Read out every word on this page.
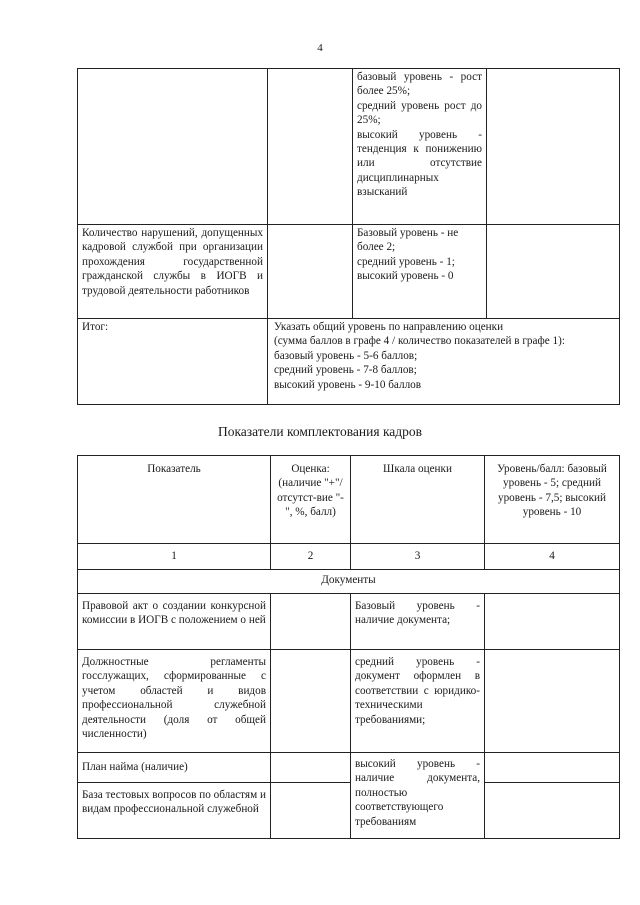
4

		базовый уровень - рост более 25%;
средний уровень рост до 25%;
высокий уровень - тенденция к понижению или отсутствие дисциплинарных взысканий	

Количество нарушений, допущенных кадровой службой при организации прохождения государственной гражданской службы в ИОГВ и трудовой деятельности работников		Базовый уровень - не более 2;
средний уровень - 1;
высокий уровень - 0	

Итог:	Указать общий уровень по направлению оценки
(сумма баллов в графе 4 / количество показателей в графе 1):
базовый уровень - 5-6 баллов;
средний уровень - 7-8 баллов;
высокий уровень - 9-10 баллов		
Показатели комплектования кадров
Показатель	Оценка: (наличие "+"/отсутст-вие "-", %, балл)	Шкала оценки	Уровень/балл: базовый уровень - 5; средний уровень - 7,5; высокий уровень - 10
1	2	3	4
Документы			
Правовой акт о создании конкурсной комиссии в ИОГВ с положением о ней		Базовый уровень - наличие документа;	
Должностные регламенты госслужащих, сформированные с учетом областей и видов профессиональной служебной деятельности (доля от общей численности)		средний уровень - документ оформлен в соответствии с юридико-техническими требованиями;	
План найма (наличие)		высокий уровень - наличие документа, полностью соответствующего требованиям	
База тестовых вопросов по областям и видам профессиональной служебной			
